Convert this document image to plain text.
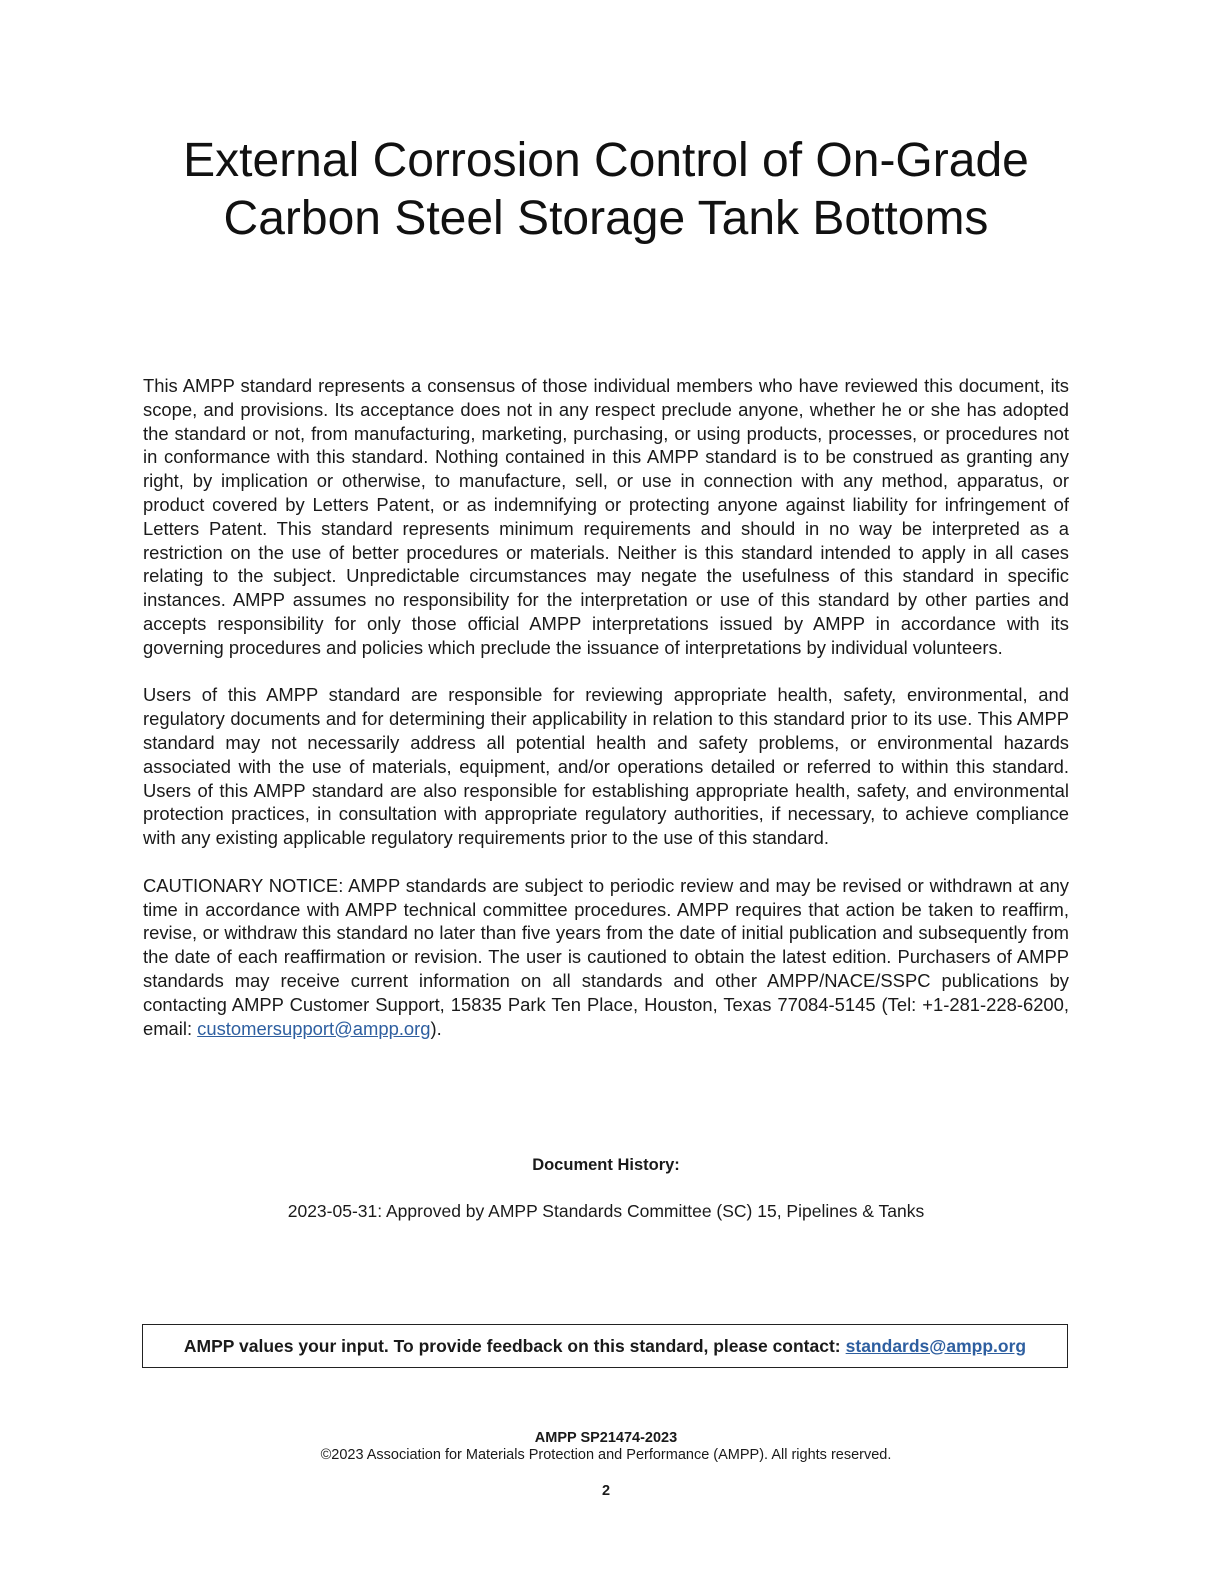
External Corrosion Control of On-Grade
Carbon Steel Storage Tank Bottoms

This AMPP standard represents a consensus of those individual members who have reviewed this document, its scope, and provisions. Its acceptance does not in any respect preclude anyone, whether he or she has adopted the standard or not, from manufacturing, marketing, purchasing, or using products, processes, or procedures not in conformance with this standard. Nothing contained in this AMPP standard is to be construed as granting any right, by implication or otherwise, to manufacture, sell, or use in connection with any method, apparatus, or product covered by Letters Patent, or as indemnifying or protecting anyone against liability for infringement of Letters Patent. This standard represents minimum requirements and should in no way be interpreted as a restriction on the use of better procedures or materials. Neither is this standard intended to apply in all cases relating to the subject. Unpredictable circumstances may negate the usefulness of this standard in specific instances. AMPP assumes no responsibility for the interpretation or use of this standard by other parties and accepts responsibility for only those official AMPP interpretations issued by AMPP in accordance with its governing procedures and policies which preclude the issuance of interpretations by individual volunteers.

Users of this AMPP standard are responsible for reviewing appropriate health, safety, environmental, and regulatory documents and for determining their applicability in relation to this standard prior to its use. This AMPP standard may not necessarily address all potential health and safety problems, or environmental hazards associated with the use of materials, equipment, and/or operations detailed or referred to within this standard. Users of this AMPP standard are also responsible for establishing appropriate health, safety, and environmental protection practices, in consultation with appropriate regulatory authorities, if necessary, to achieve compliance with any existing applicable regulatory requirements prior to the use of this standard.

CAUTIONARY NOTICE: AMPP standards are subject to periodic review and may be revised or withdrawn at any time in accordance with AMPP technical committee procedures. AMPP requires that action be taken to reaffirm, revise, or withdraw this standard no later than five years from the date of initial publication and subsequently from the date of each reaffirmation or revision. The user is cautioned to obtain the latest edition. Purchasers of AMPP standards may receive current information on all standards and other AMPP/NACE/SSPC publications by contacting AMPP Customer Support, 15835 Park Ten Place, Houston, Texas 77084-5145 (Tel: +1-281-228-6200, email: customersupport@ampp.org).

Document History:

2023-05-31: Approved by AMPP Standards Committee (SC) 15, Pipelines & Tanks

AMPP values your input. To provide feedback on this standard, please contact: standards@ampp.org
AMPP SP21474-2023
©2023 Association for Materials Protection and Performance (AMPP). All rights reserved.
2
